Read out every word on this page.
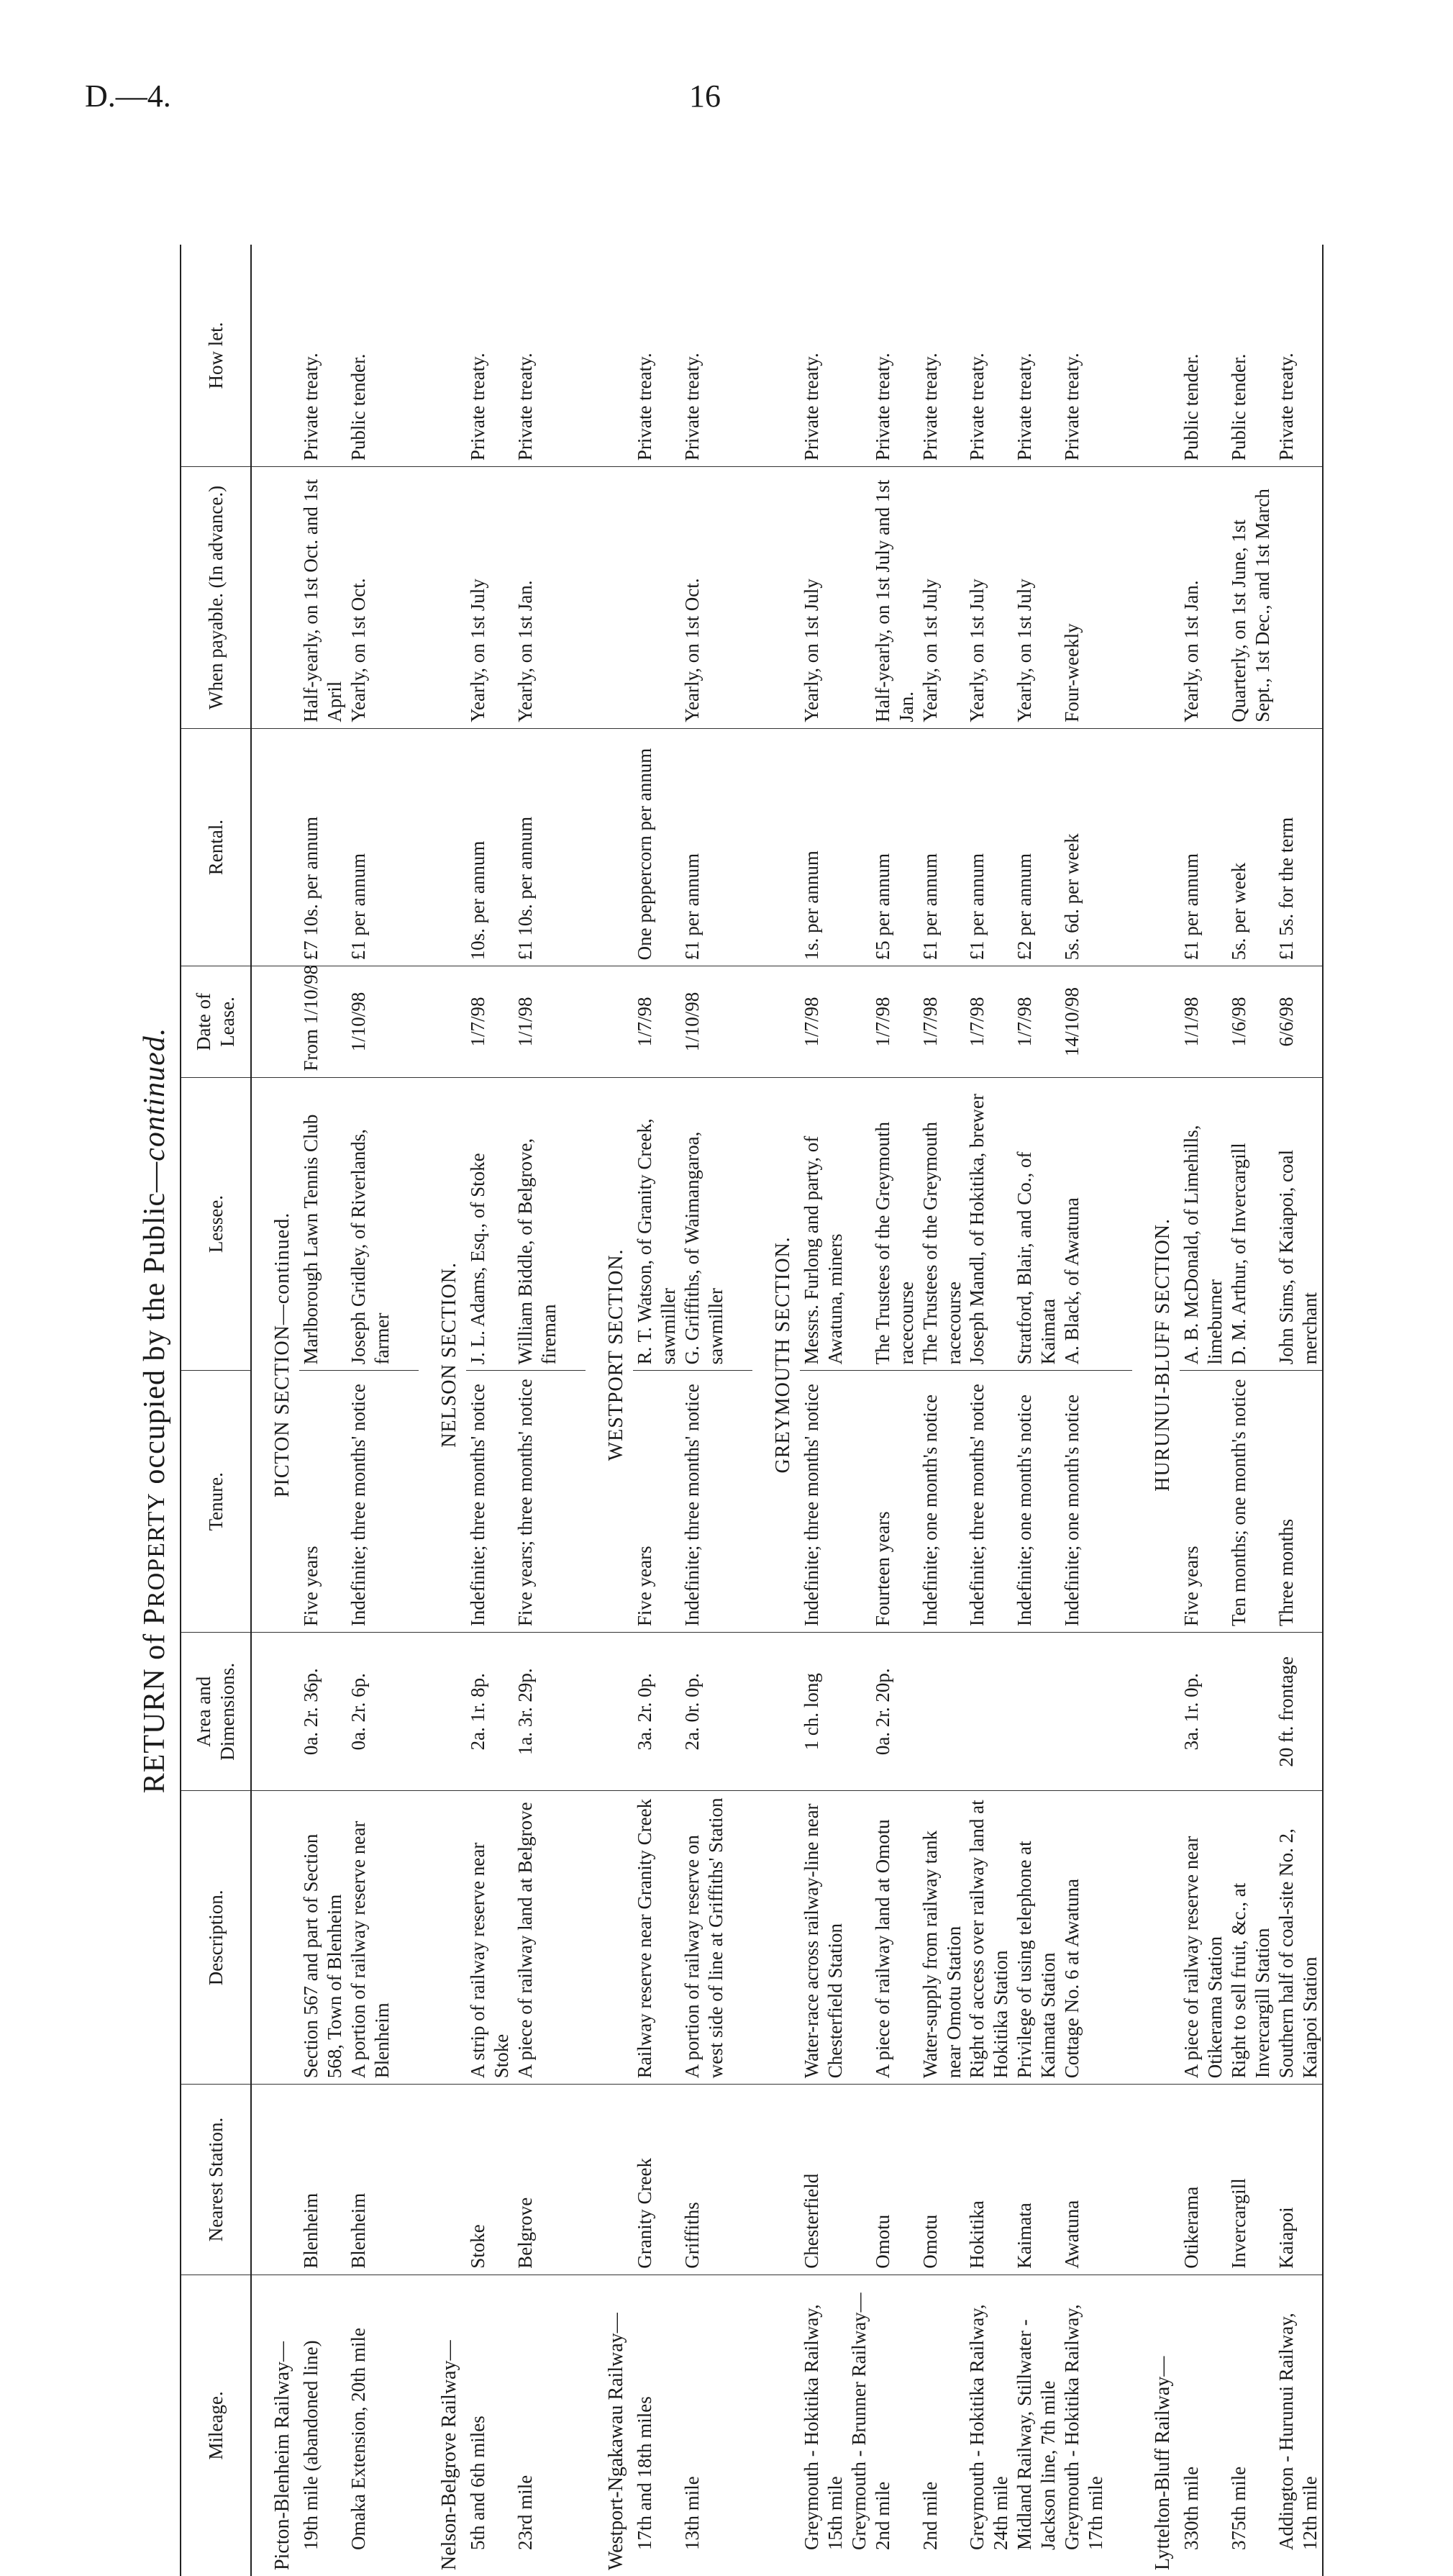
D.—4.	16
RETURN of PROPERTY occupied by the Public—continued.
Mileage.	Nearest Station.	Description.	Area and Dimensions.	Tenure.	Lessee.	Date of Lease.	Rental.	When payable. (In advance.)	How let.
Picton-Blenheim Railway—				PICTON SECTION—continued.					
19th mile (abandoned line)	Blenheim	Section 567 and part of Section 568, Town of Blenheim	0a. 2r. 36p.	Five years	Marlborough Lawn Tennis Club	From 1/10/98	£7 10s. per annum	Half-yearly, on 1st Oct. and 1st April	Private treaty.
Omaka Extension, 20th mile	Blenheim	A portion of railway reserve near Blenheim	0a. 2r. 6p.	Indefinite; three months' notice	Joseph Gridley, of Riverlands, farmer	1/10/98	£1 per annum	Yearly, on 1st Oct.	Public tender.

Nelson-Belgrove Railway—				NELSON SECTION.					
5th and 6th miles	Stoke	A strip of railway reserve near Stoke	2a. 1r. 8p.	Indefinite; three months' notice	J. L. Adams, Esq., of Stoke	1/7/98	10s. per annum	Yearly, on 1st July	Private treaty.
23rd mile	Belgrove	A piece of railway land at Belgrove	1a. 3r. 29p.	Five years; three months' notice	William Biddle, of Belgrove, fireman	1/1/98	£1 10s. per annum	Yearly, on 1st Jan.	Private treaty.

Westport-Ngakawau Railway—				WESTPORT SECTION.					
17th and 18th miles	Granity Creek	Railway reserve near Granity Creek	3a. 2r. 0p.	Five years	R. T. Watson, of Granity Creek, sawmiller	1/7/98	One peppercorn per annum		Private treaty.
13th mile	Griffiths	A portion of railway reserve on west side of line at Griffiths' Station	2a. 0r. 0p.	Indefinite; three months' notice	G. Griffiths, of Waimangaroa, sawmiller	1/10/98	£1 per annum	Yearly, on 1st Oct.	Private treaty.

				GREYMOUTH SECTION.					
Greymouth - Hokitika Railway, 15th mile	Chesterfield	Water-race across railway-line near Chesterfield Station	1 ch. long	Indefinite; three months' notice	Messrs. Furlong and party, of Awatuna, miners	1/7/98	1s. per annum	Yearly, on 1st July	Private treaty.
Greymouth - Brunner Railway—									
2nd mile	Omotu	A piece of railway land at Omotu	0a. 2r. 20p.	Fourteen years	The Trustees of the Greymouth racecourse	1/7/98	£5 per annum	Half-yearly, on 1st July and 1st Jan.	Private treaty.
2nd mile	Omotu	Water-supply from railway tank near Omotu Station		Indefinite; one month's notice	The Trustees of the Greymouth racecourse	1/7/98	£1 per annum	Yearly, on 1st July	Private treaty.
Greymouth - Hokitika Railway, 24th mile	Hokitika	Right of access over railway land at Hokitika Station		Indefinite; three months' notice	Joseph Mandl, of Hokitika, brewer	1/7/98	£1 per annum	Yearly, on 1st July	Private treaty.
Midland Railway, Stillwater - Jackson line, 7th mile	Kaimata	Privilege of using telephone at Kaimata Station		Indefinite; one month's notice	Stratford, Blair, and Co., of Kaimata	1/7/98	£2 per annum	Yearly, on 1st July	Private treaty.
Greymouth - Hokitika Railway, 17th mile	Awatuna	Cottage No. 6 at Awatuna		Indefinite; one month's notice	A. Black, of Awatuna	14/10/98	5s. 6d. per week	Four-weekly	Private treaty.

Lyttelton-Bluff Railway—				HURUNUI-BLUFF SECTION.					
330th mile	Otikerama	A piece of railway reserve near Otikerama Station	3a. 1r. 0p.	Five years	A. B. McDonald, of Limehills, limeburner	1/1/98	£1 per annum	Yearly, on 1st Jan.	Public tender.
375th mile	Invercargill	Right to sell fruit, &c., at Invercargill Station		Ten months; one month's notice	D. M. Arthur, of Invercargill	1/6/98	5s. per week	Quarterly, on 1st June, 1st Sept., 1st Dec., and 1st March	Public tender.
Addington - Hurunui Railway, 12th mile	Kaiapoi	Southern half of coal-site No. 2, Kaiapoi Station	20 ft. frontage	Three months	John Sims, of Kaiapoi, coal merchant	6/6/98	£1 5s. for the term		Private treaty.
